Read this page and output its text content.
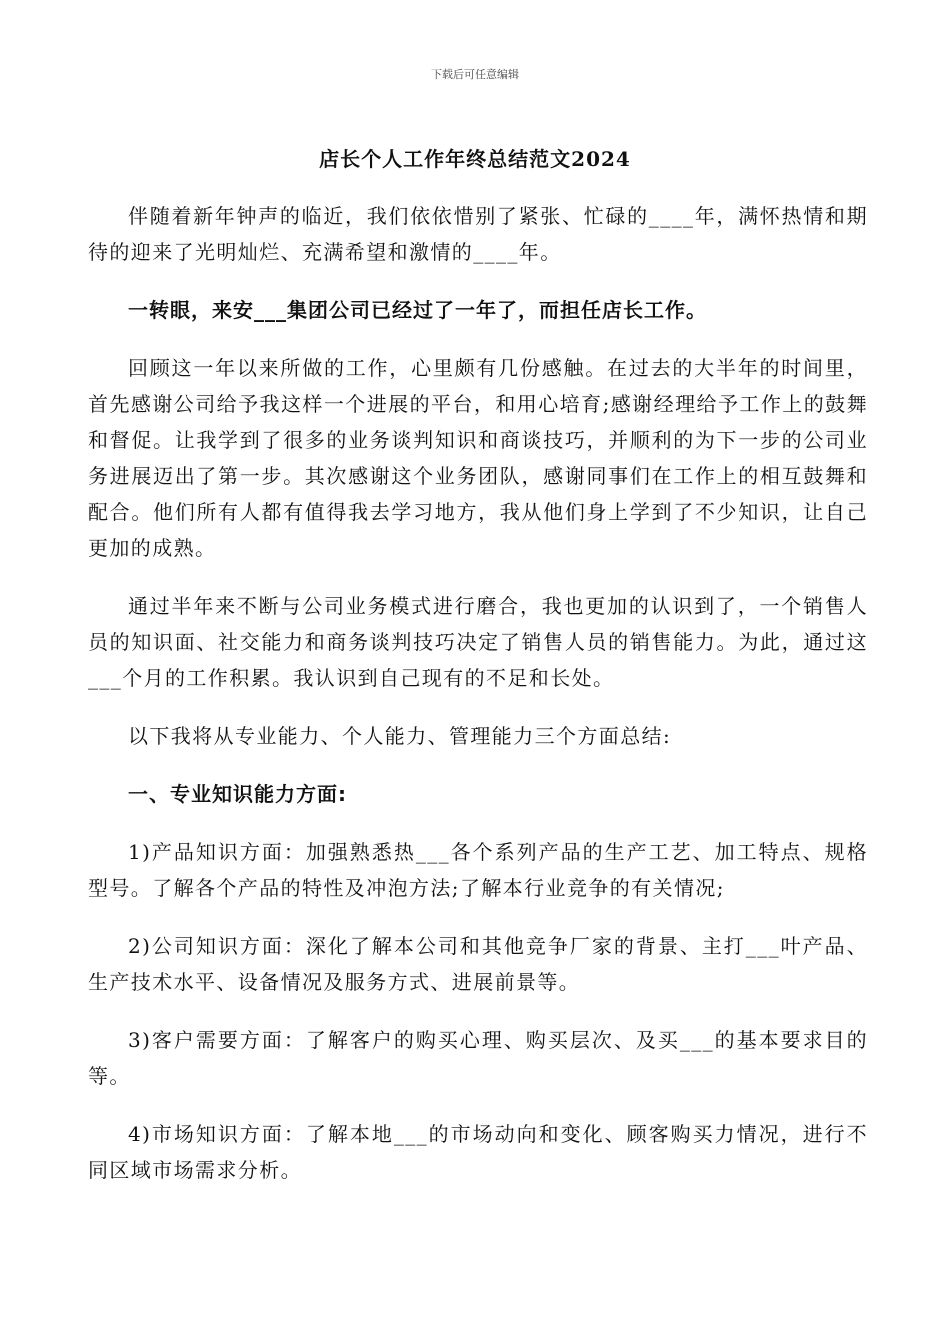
下载后可任意编辑
店长个人工作年终总结范文2024

伴随着新年钟声的临近，我们依依惜别了紧张、忙碌的____年，满怀热情和期待的迎来了光明灿烂、充满希望和激情的____年。

一转眼，来安___集团公司已经过了一年了，而担任店长工作。

回顾这一年以来所做的工作，心里颇有几份感触。在过去的大半年的时间里，首先感谢公司给予我这样一个进展的平台，和用心培育;感谢经理给予工作上的鼓舞和督促。让我学到了很多的业务谈判知识和商谈技巧，并顺利的为下一步的公司业务进展迈出了第一步。其次感谢这个业务团队，感谢同事们在工作上的相互鼓舞和配合。他们所有人都有值得我去学习地方，我从他们身上学到了不少知识，让自己更加的成熟。

通过半年来不断与公司业务模式进行磨合，我也更加的认识到了，一个销售人员的知识面、社交能力和商务谈判技巧决定了销售人员的销售能力。为此，通过这___个月的工作积累。我认识到自己现有的不足和长处。

以下我将从专业能力、个人能力、管理能力三个方面总结:

一、专业知识能力方面:

1)产品知识方面：加强熟悉热___各个系列产品的生产工艺、加工特点、规格型号。了解各个产品的特性及冲泡方法;了解本行业竞争的有关情况;

2)公司知识方面：深化了解本公司和其他竞争厂家的背景、主打___叶产品、生产技术水平、设备情况及服务方式、进展前景等。

3)客户需要方面：了解客户的购买心理、购买层次、及买___的基本要求目的等。

4)市场知识方面：了解本地___的市场动向和变化、顾客购买力情况，进行不同区域市场需求分析。
